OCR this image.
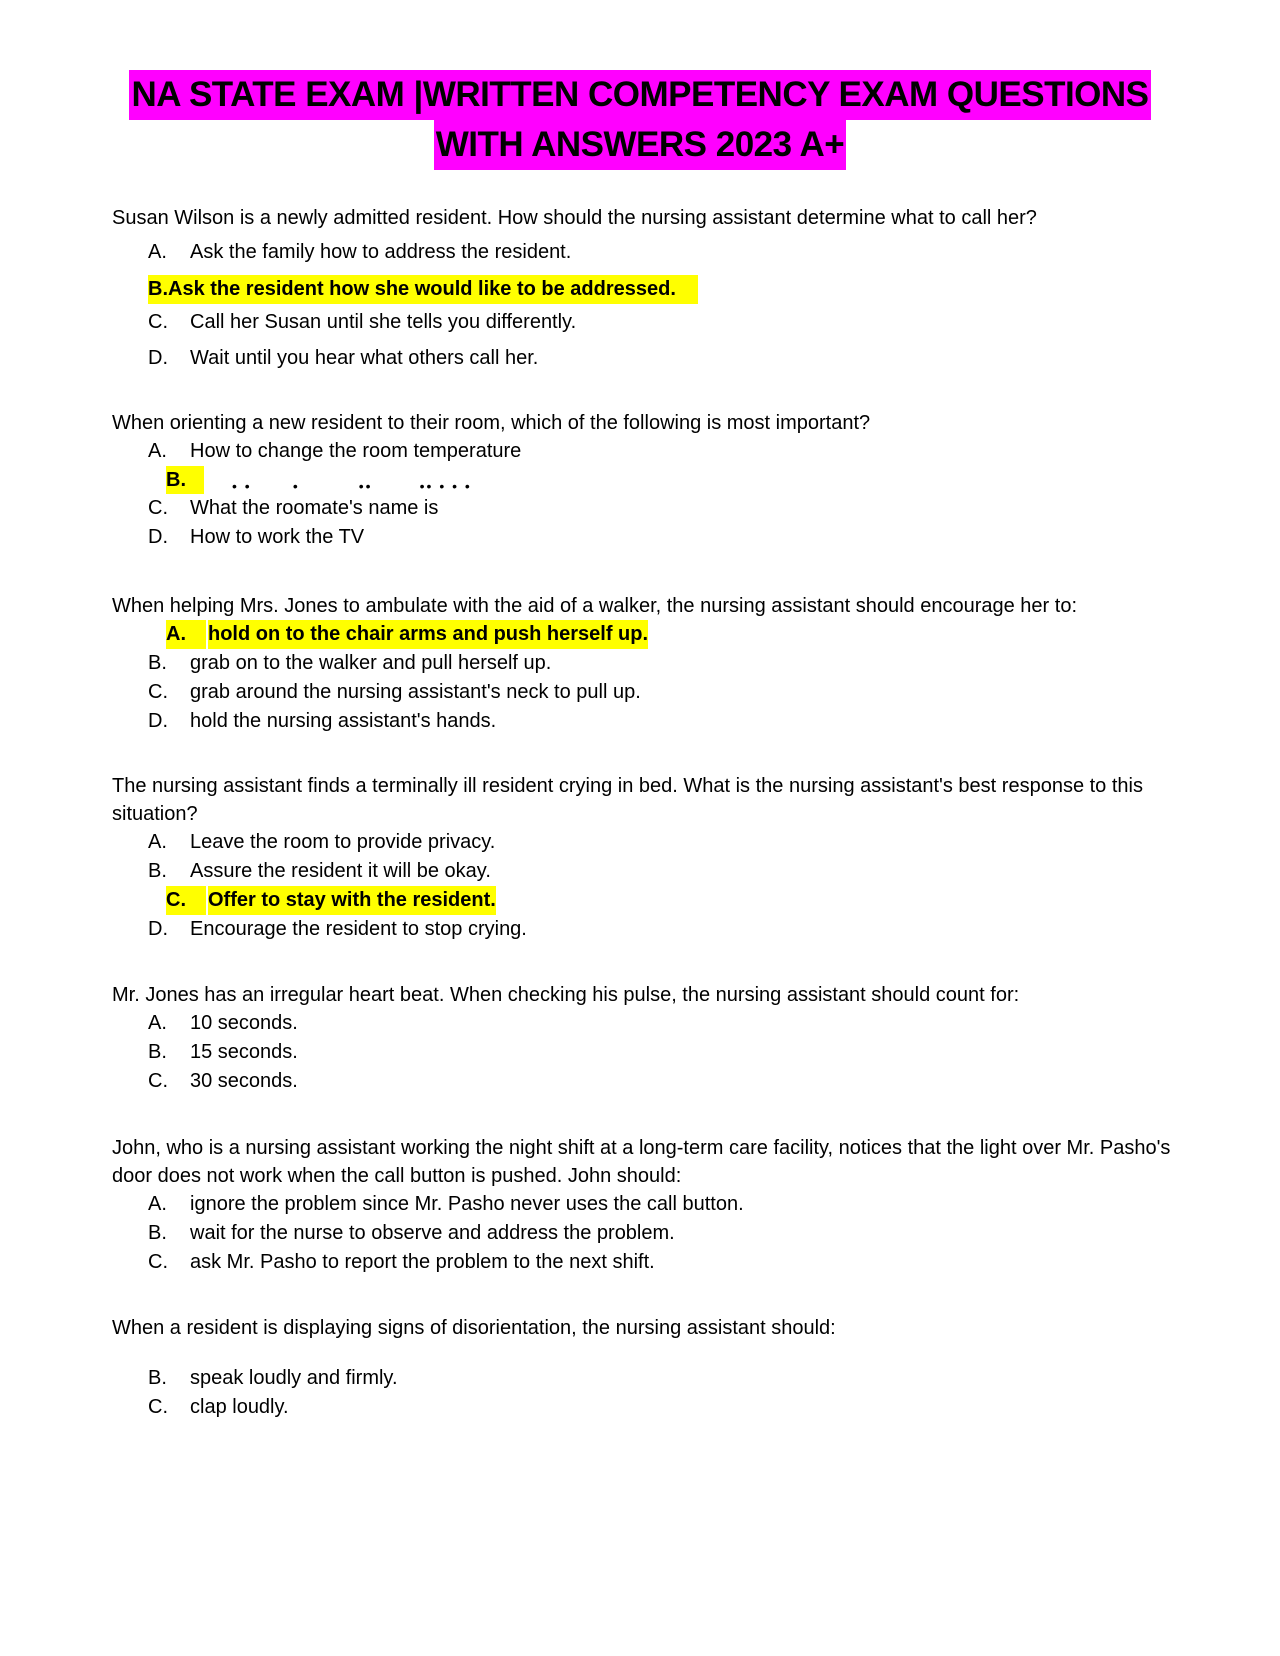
NA STATE EXAM |WRITTEN COMPETENCY EXAM QUESTIONS
WITH ANSWERS 2023 A+

Susan Wilson is a newly admitted resident. How should the nursing assistant determine what to call her?

A. Ask the family how to address the resident.
B.Ask the resident how she would like to be addressed.
C. Call her Susan until she tells you differently.
D. Wait until you hear what others call her.

When orienting a new resident to their room, which of the following is most important?

A. How to change the room temperature
B.	• •       •          ••        •• • • •
C. What the roomate's name is
D. How to work the TV

When helping Mrs. Jones to ambulate with the aid of a walker, the nursing assistant should encourage her to:

A.	hold on to the chair arms and push herself up.
B. grab on to the walker and pull herself up.
C. grab around the nursing assistant's neck to pull up.
D. hold the nursing assistant's hands.

The nursing assistant finds a terminally ill resident crying in bed. What is the nursing assistant's best response to this situation?

A. Leave the room to provide privacy.
B. Assure the resident it will be okay.
C.	Offer to stay with the resident.
D. Encourage the resident to stop crying.

Mr. Jones has an irregular heart beat. When checking his pulse, the nursing assistant should count for:

A. 10 seconds.
B. 15 seconds.
C. 30 seconds.

John, who is a nursing assistant working the night shift at a long-term care facility, notices that the light over Mr. Pasho's door does not work when the call button is pushed. John should:

A. ignore the problem since Mr. Pasho never uses the call button.
B. wait for the nurse to observe and address the problem.
C. ask Mr. Pasho to report the problem to the next shift.

When a resident is displaying signs of disorientation, the nursing assistant should:

B. speak loudly and firmly.
C. clap loudly.
